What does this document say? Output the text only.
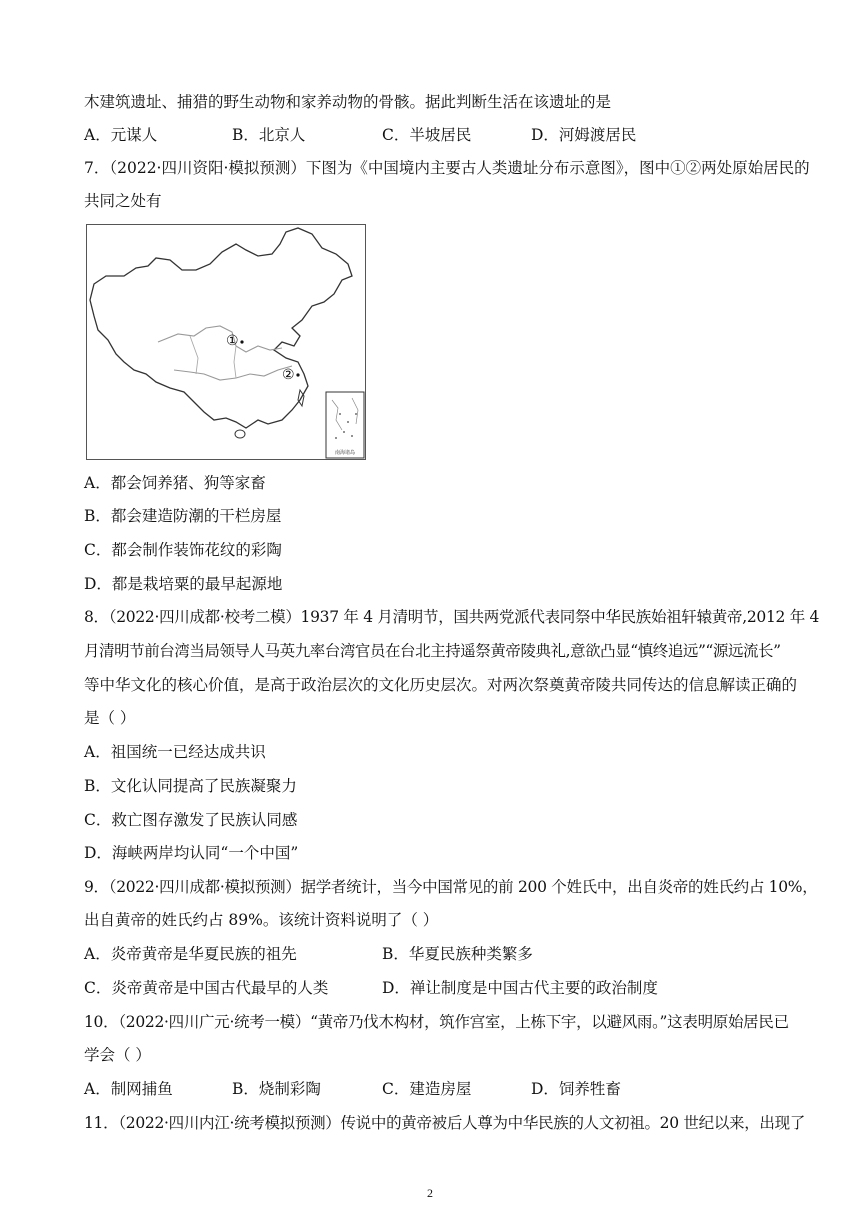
木建筑遗址、捕猎的野生动物和家养动物的骨骸。据此判断生活在该遗址的是
A．元谋人	B．北京人	C．半坡居民	D．河姆渡居民
7．（2022·四川资阳·模拟预测）下图为《中国境内主要古人类遗址分布示意图》，图中①②两处原始居民的
共同之处有
①
②
南海诸岛
A．都会饲养猪、狗等家畜
B．都会建造防潮的干栏房屋
C．都会制作装饰花纹的彩陶
D．都是栽培粟的最早起源地
8．（2022·四川成都·校考二模）1937 年 4 月清明节，国共两党派代表同祭中华民族始祖轩辕黄帝,2012 年 4
月清明节前台湾当局领导人马英九率台湾官员在台北主持遥祭黄帝陵典礼,意欲凸显“慎终追远”“源远流长”
等中华文化的核心价值，是高于政治层次的文化历史层次。对两次祭奠黄帝陵共同传达的信息解读正确的
是（ ）
A．祖国统一已经达成共识
B．文化认同提高了民族凝聚力
C．救亡图存激发了民族认同感
D．海峡两岸均认同“一个中国”
9．（2022·四川成都·模拟预测）据学者统计，当今中国常见的前 200 个姓氏中，出自炎帝的姓氏约占 10%，
出自黄帝的姓氏约占 89%。该统计资料说明了（ ）
A．炎帝黄帝是华夏民族的祖先	B．华夏民族种类繁多
C．炎帝黄帝是中国古代最早的人类	D．禅让制度是中国古代主要的政治制度
10．（2022·四川广元·统考一模）“黄帝乃伐木构材，筑作宫室，上栋下宇，以避风雨。”这表明原始居民已
学会（ ）
A．制网捕鱼	B．烧制彩陶	C．建造房屋	D．饲养牲畜
11．（2022·四川内江·统考模拟预测）传说中的黄帝被后人尊为中华民族的人文初祖。20 世纪以来，出现了
2
